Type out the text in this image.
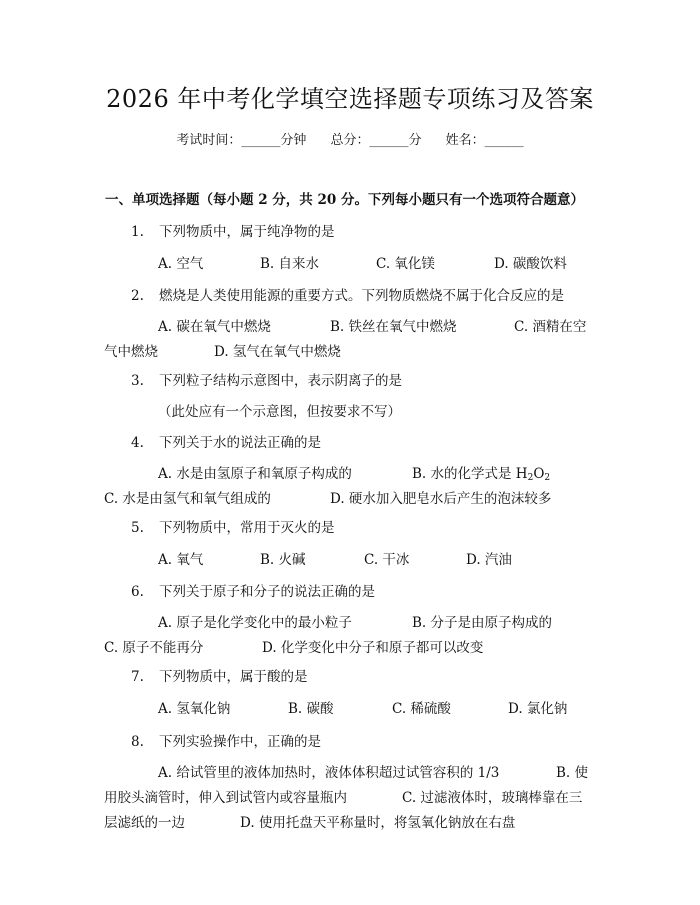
2026 年中考化学填空选择题专项练习及答案
考试时间：______分钟 总分：______分 姓名：______
一、单项选择题（每小题 2 分，共 20 分。下列每小题只有一个选项符合题意）
1. 下列物质中，属于纯净物的是
A. 空气	B. 自来水	C. 氧化镁	D. 碳酸饮料
2. 燃烧是人类使用能源的重要方式。下列物质燃烧不属于化合反应的是
A. 碳在氧气中燃烧	B. 铁丝在氧气中燃烧	C. 酒精在空
气中燃烧	D. 氢气在氧气中燃烧
3. 下列粒子结构示意图中，表示阴离子的是
（此处应有一个示意图，但按要求不写）
4. 下列关于水的说法正确的是
A. 水是由氢原子和氧原子构成的	B. 水的化学式是 $H_2O_2$
C. 水是由氢气和氧气组成的	D. 硬水加入肥皂水后产生的泡沫较多
5. 下列物质中，常用于灭火的是
A. 氧气	B. 火碱	C. 干冰	D. 汽油
6. 下列关于原子和分子的说法正确的是
A. 原子是化学变化中的最小粒子	B. 分子是由原子构成的
C. 原子不能再分	D. 化学变化中分子和原子都可以改变
7. 下列物质中，属于酸的是
A. 氢氧化钠	B. 碳酸	C. 稀硫酸	D. 氯化钠
8. 下列实验操作中，正确的是
A. 给试管里的液体加热时，液体体积超过试管容积的 1/3	B. 使
用胶头滴管时，伸入到试管内或容量瓶内	C. 过滤液体时，玻璃棒靠在三
层滤纸的一边	D. 使用托盘天平称量时，将氢氧化钠放在右盘
